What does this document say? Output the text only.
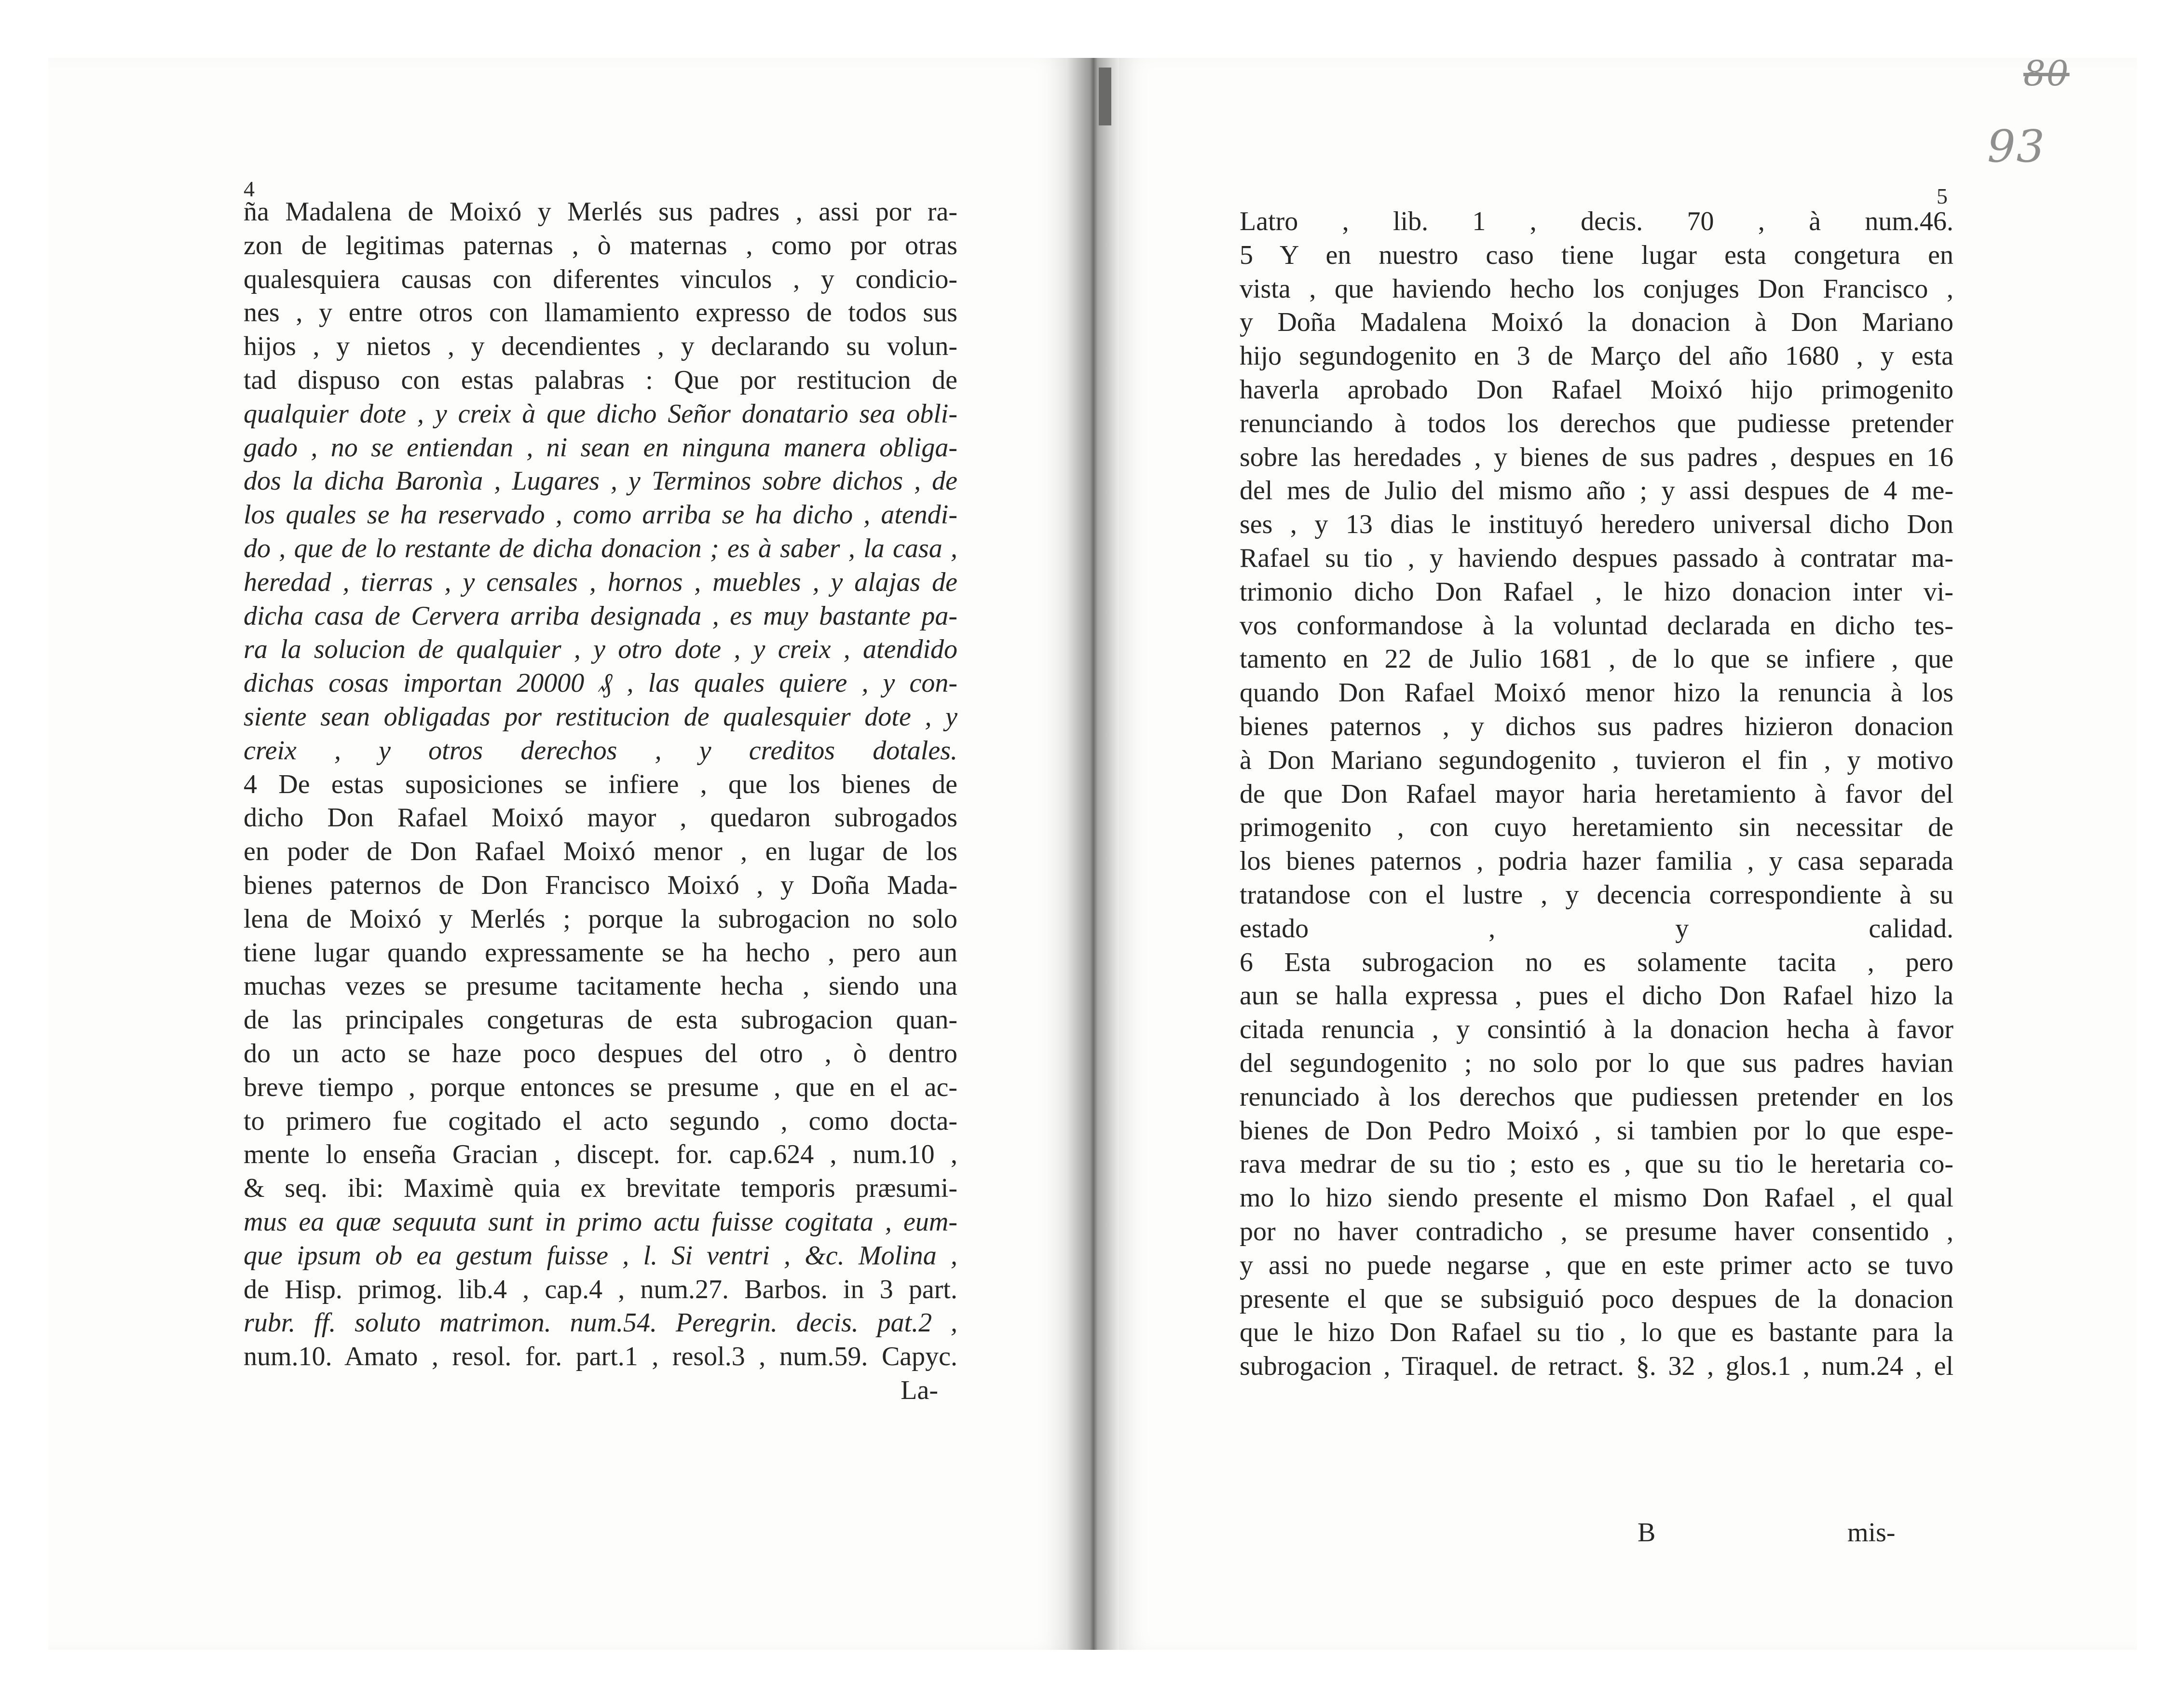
4	5
80
93
ña Madalena de Moixó y Merlés sus padres , assi por ra-
zon de legitimas paternas , ò maternas , como por otras
qualesquiera causas con diferentes vinculos , y condicio-
nes , y entre otros con llamamiento expresso de todos sus
hijos , y nietos , y decendientes , y declarando su volun-
tad dispuso con estas palabras : Que por restitucion de
qualquier dote , y creix à que dicho Señor donatario sea obli-
gado , no se entiendan , ni sean en ninguna manera obliga-
dos la dicha Baronìa , Lugares , y Terminos sobre dichos , de
los quales se ha reservado , como arriba se ha dicho , atendi-
do , que de lo restante de dicha donacion ; es à saber , la casa ,
heredad , tierras , y censales , hornos , muebles , y alajas de
dicha casa de Cervera arriba designada , es muy bastante pa-
ra la solucion de qualquier , y otro dote , y creix , atendido
dichas cosas importan 20000 ₰ , las quales quiere , y con-
siente sean obligadas por restitucion de qualesquier dote , y
creix , y otros derechos , y creditos dotales.
4 De estas suposiciones se infiere , que los bienes de
dicho Don Rafael Moixó mayor , quedaron subrogados
en poder de Don Rafael Moixó menor , en lugar de los
bienes paternos de Don Francisco Moixó , y Doña Mada-
lena de Moixó y Merlés ; porque la subrogacion no solo
tiene lugar quando expressamente se ha hecho , pero aun
muchas vezes se presume tacitamente hecha , siendo una
de las principales congeturas de esta subrogacion quan-
do un acto se haze poco despues del otro , ò dentro
breve tiempo , porque entonces se presume , que en el ac-
to primero fue cogitado el acto segundo , como docta-
mente lo enseña Gracian , discept. for. cap.624 , num.10 ,
& seq. ibi: Maximè quia ex brevitate temporis præsumi-
mus ea quæ sequuta sunt in primo actu fuisse cogitata , eum-
que ipsum ob ea gestum fuisse , l. Si ventri , &c. Molina ,
de Hisp. primog. lib.4 , cap.4 , num.27. Barbos. in 3 part.
rubr. ff. soluto matrimon. num.54. Peregrin. decis. pat.2 ,
num.10. Amato , resol. for. part.1 , resol.3 , num.59. Capyc.
La-
Latro , lib. 1 , decis. 70 , à num.46.
5 Y en nuestro caso tiene lugar esta congetura en
vista , que haviendo hecho los conjuges Don Francisco ,
y Doña Madalena Moixó la donacion à Don Mariano
hijo segundogenito en 3 de Março del año 1680 , y esta
haverla aprobado Don Rafael Moixó hijo primogenito
renunciando à todos los derechos que pudiesse pretender
sobre las heredades , y bienes de sus padres , despues en 16
del mes de Julio del mismo año ; y assi despues de 4 me-
ses , y 13 dias le instituyó heredero universal dicho Don
Rafael su tio , y haviendo despues passado à contratar ma-
trimonio dicho Don Rafael , le hizo donacion inter vi-
vos conformandose à la voluntad declarada en dicho tes-
tamento en 22 de Julio 1681 , de lo que se infiere , que
quando Don Rafael Moixó menor hizo la renuncia à los
bienes paternos , y dichos sus padres hizieron donacion
à Don Mariano segundogenito , tuvieron el fin , y motivo
de que Don Rafael mayor haria heretamiento à favor del
primogenito , con cuyo heretamiento sin necessitar de
los bienes paternos , podria hazer familia , y casa separada
tratandose con el lustre , y decencia correspondiente à su
estado , y calidad.
6 Esta subrogacion no es solamente tacita , pero
aun se halla expressa , pues el dicho Don Rafael hizo la
citada renuncia , y consintió à la donacion hecha à favor
del segundogenito ; no solo por lo que sus padres havian
renunciado à los derechos que pudiessen pretender en los
bienes de Don Pedro Moixó , si tambien por lo que espe-
rava medrar de su tio ; esto es , que su tio le heretaria co-
mo lo hizo siendo presente el mismo Don Rafael , el qual
por no haver contradicho , se presume haver consentido ,
y assi no puede negarse , que en este primer acto se tuvo
presente el que se subsiguió poco despues de la donacion
que le hizo Don Rafael su tio , lo que es bastante para la
subrogacion , Tiraquel. de retract. §. 32 , glos.1 , num.24 , el
B	mis-
